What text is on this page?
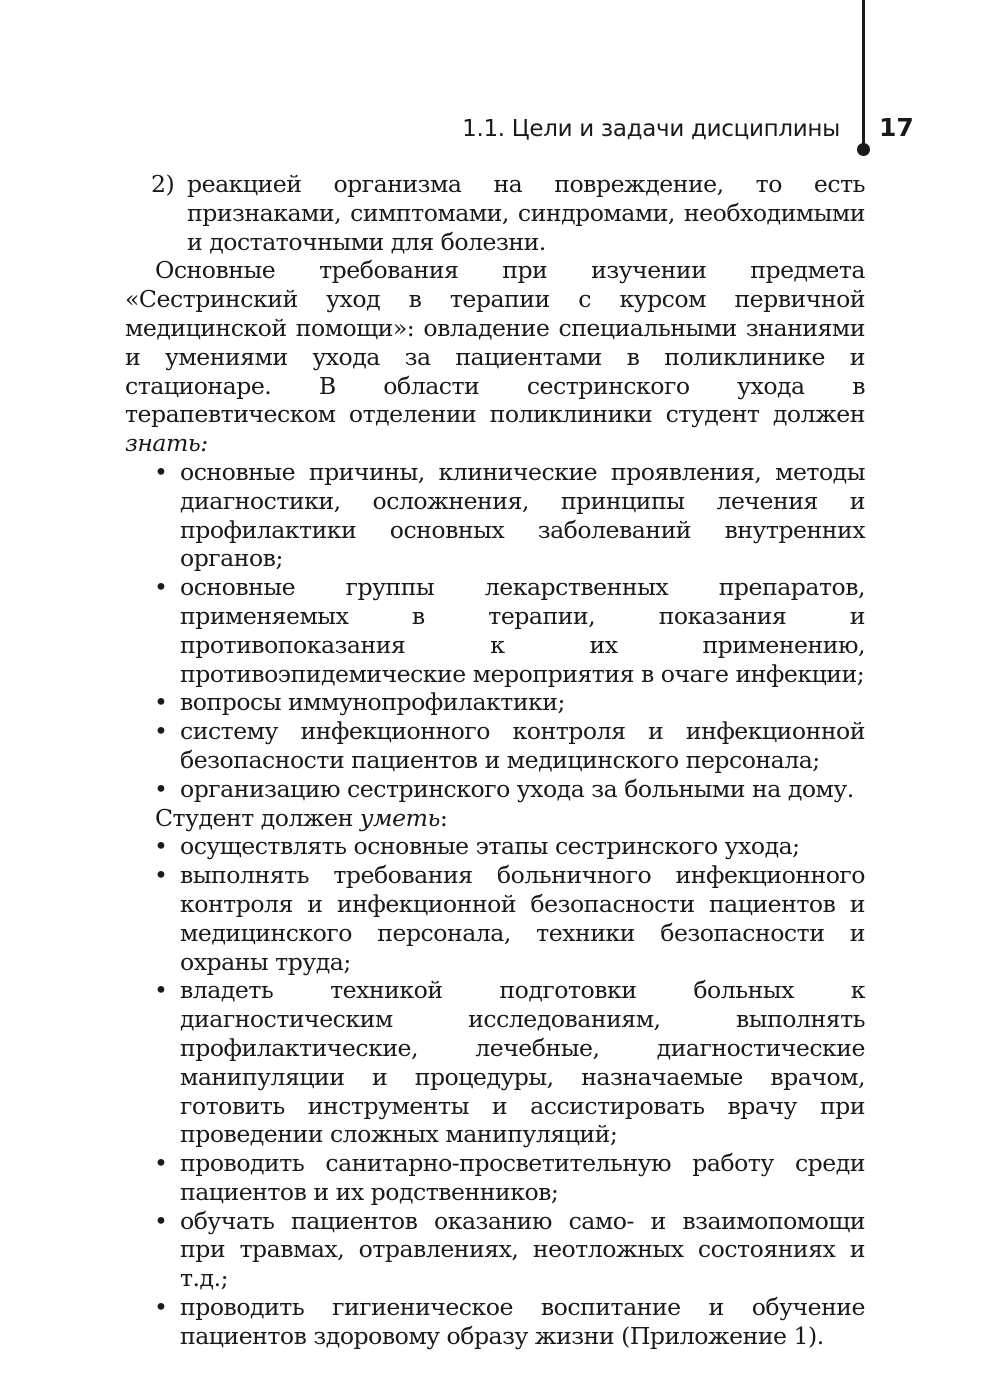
1.1. Цели и задачи дисциплины 17
2) реакцией организма на повреждение, то есть признаками, симптомами, синдромами, необходимыми и достаточными для болезни.

Основные требования при изучении предмета «Сестринский уход в терапии с курсом первичной медицинской помощи»: овладение специальными знаниями и умениями ухода за пациентами в поликлинике и стационаре. В области сестринского ухода в терапевтическом отделении поликлиники студент должен знать:

• основные причины, клинические проявления, методы диагностики, осложнения, принципы лечения и профилактики основных заболеваний внутренних органов;
• основные группы лекарственных препаратов, применяемых в терапии, показания и противопоказания к их применению, противоэпидемические мероприятия в очаге инфекции;
• вопросы иммунопрофилактики;
• систему инфекционного контроля и инфекционной безопасности пациентов и медицинского персонала;
• организацию сестринского ухода за больными на дому.

Студент должен уметь:

• осуществлять основные этапы сестринского ухода;
• выполнять требования больничного инфекционного контроля и инфекционной безопасности пациентов и медицинского персонала, техники безопасности и охраны труда;
• владеть техникой подготовки больных к диагностическим исследованиям, выполнять профилактические, лечебные, диагностические манипуляции и процедуры, назначаемые врачом, готовить инструменты и ассистировать врачу при проведении сложных манипуляций;
• проводить санитарно-просветительную работу среди пациентов и их родственников;
• обучать пациентов оказанию само- и взаимопомощи при травмах, отравлениях, неотложных состояниях и т.д.;
• проводить гигиеническое воспитание и обучение пациентов здоровому образу жизни (Приложение 1).
